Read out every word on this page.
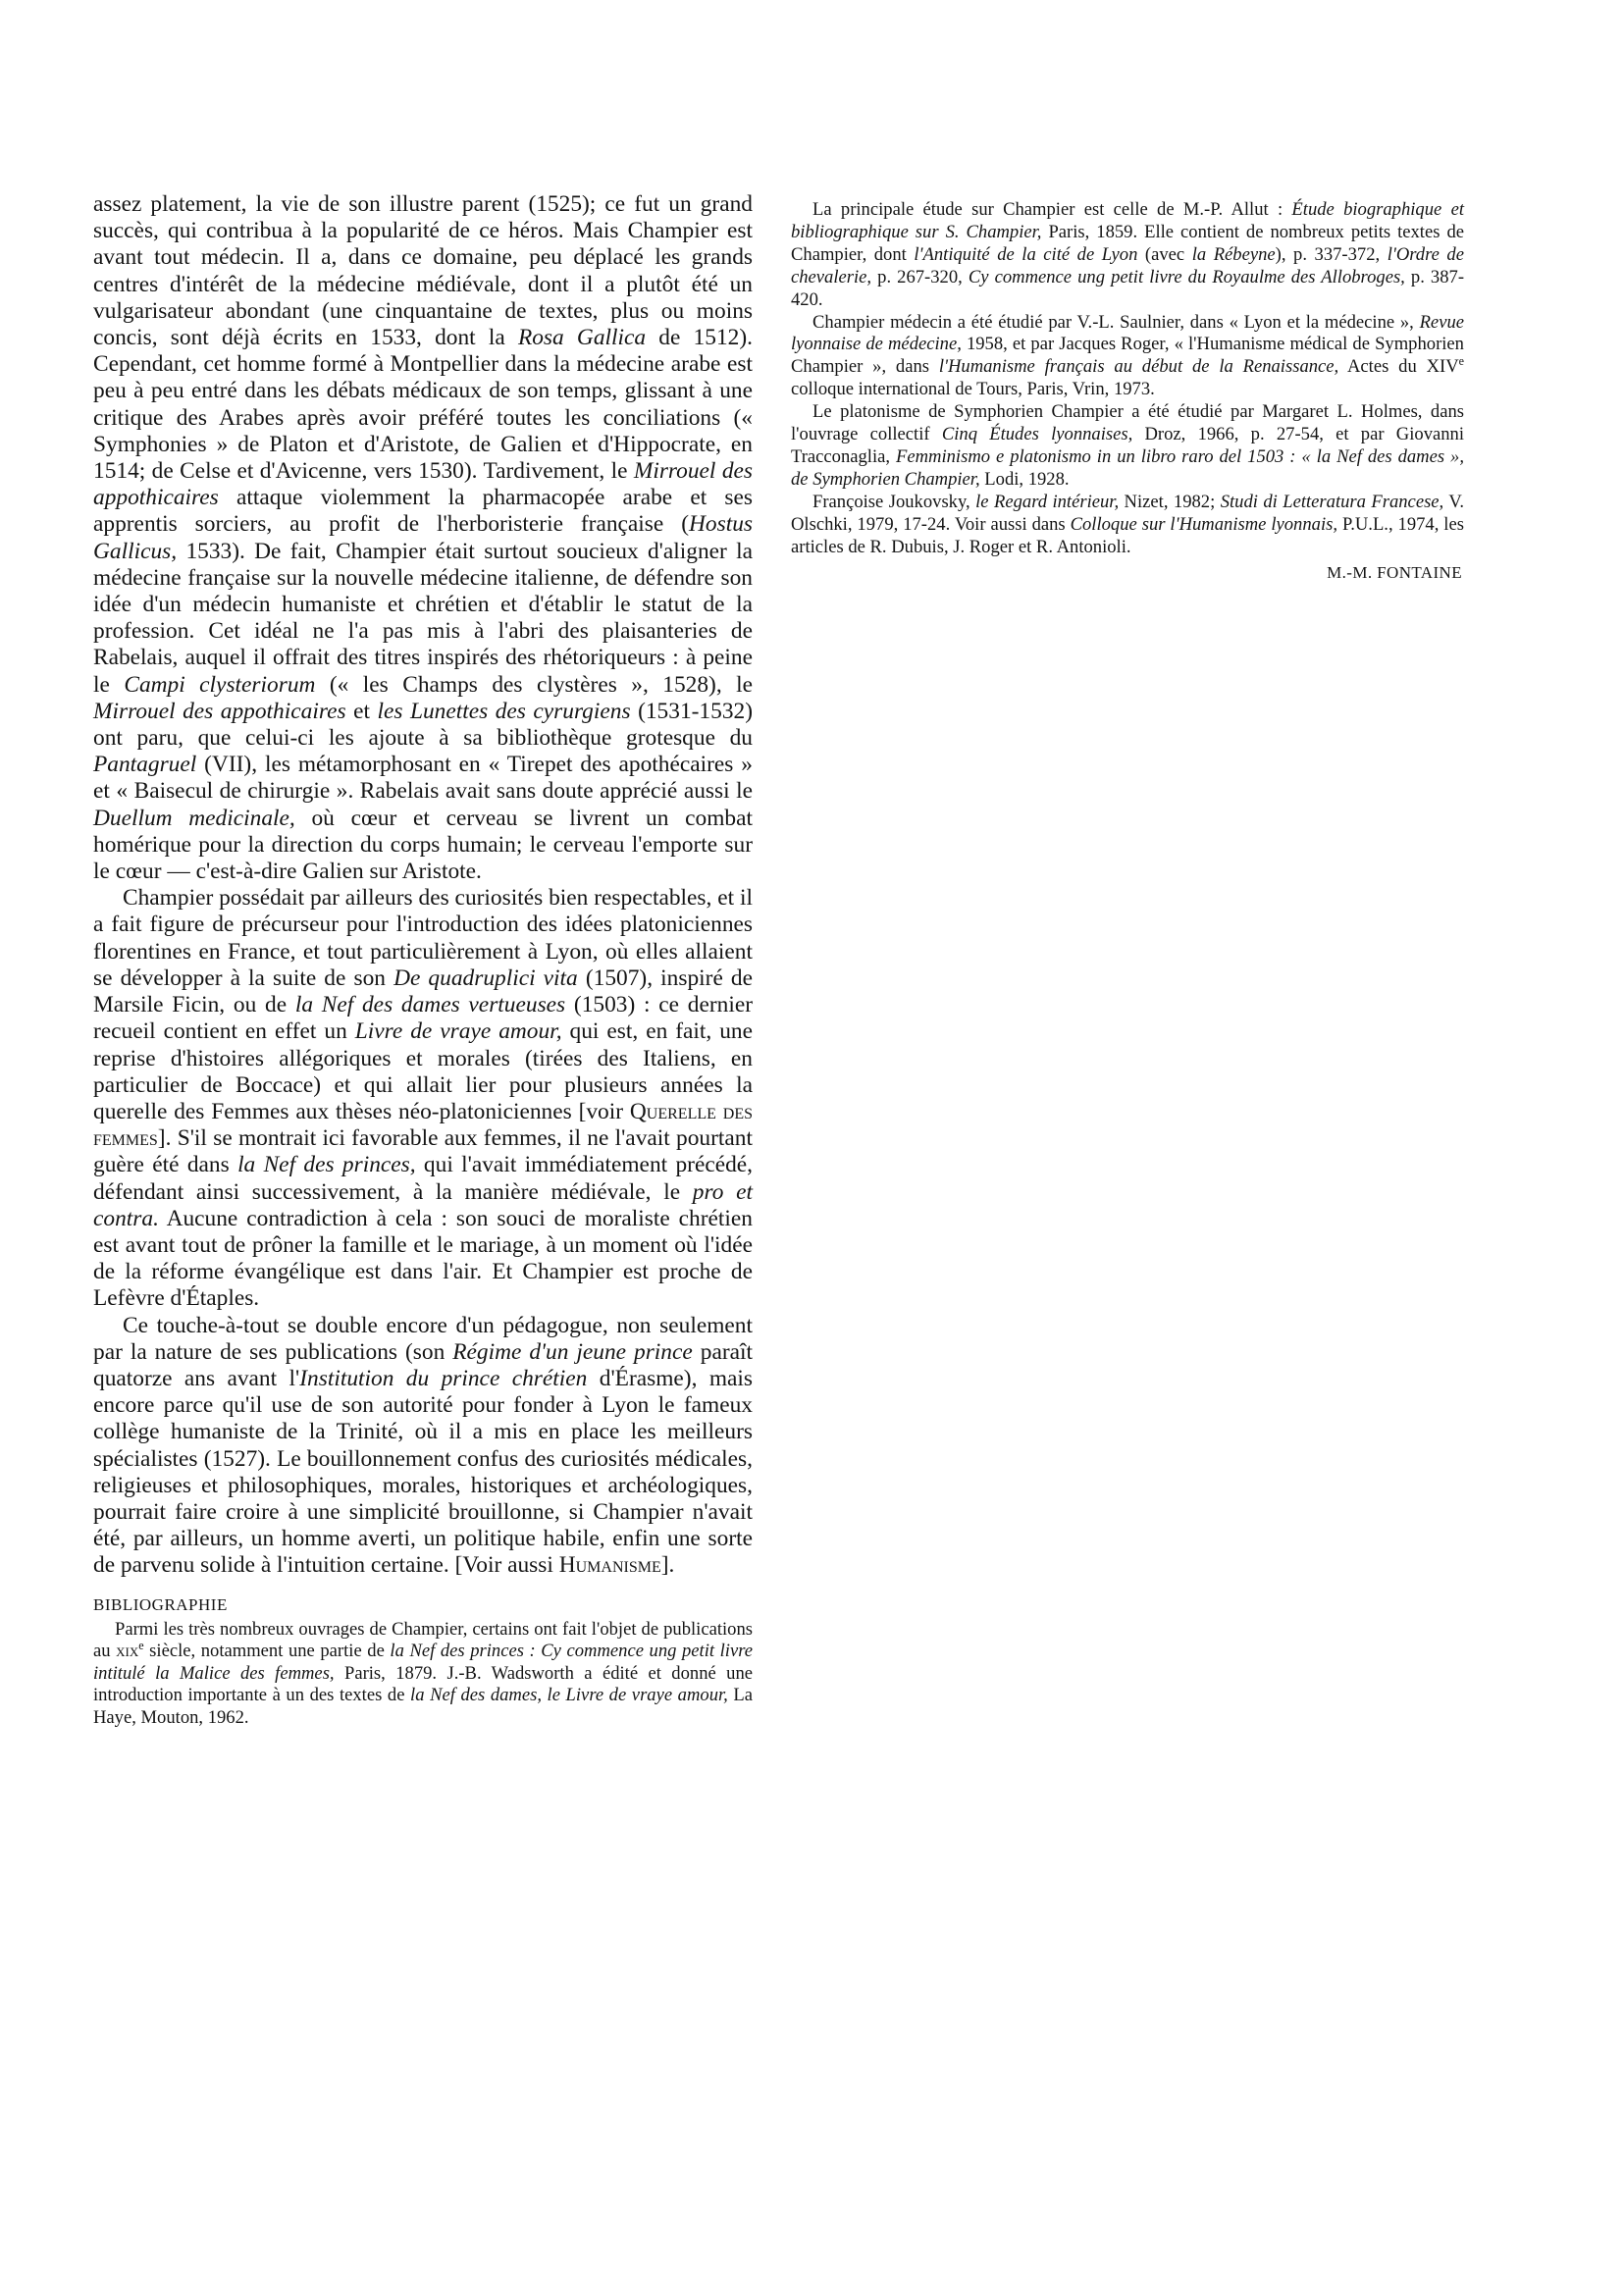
assez platement, la vie de son illustre parent (1525); ce fut un grand succès, qui contribua à la popularité de ce héros. Mais Champier est avant tout médecin. Il a, dans ce domaine, peu déplacé les grands centres d'intérêt de la médecine médiévale, dont il a plutôt été un vulgarisateur abondant (une cinquantaine de textes, plus ou moins concis, sont déjà écrits en 1533, dont la Rosa Gallica de 1512). Cependant, cet homme formé à Montpellier dans la médecine arabe est peu à peu entré dans les débats médicaux de son temps, glissant à une critique des Arabes après avoir préféré toutes les conciliations (« Symphonies » de Platon et d'Aristote, de Galien et d'Hippocrate, en 1514; de Celse et d'Avicenne, vers 1530). Tardivement, le Mirrouel des appothicaires attaque violemment la pharmacopée arabe et ses apprentis sorciers, au profit de l'herboristerie française (Hostus Gallicus, 1533). De fait, Champier était surtout soucieux d'aligner la médecine française sur la nouvelle médecine italienne, de défendre son idée d'un médecin humaniste et chrétien et d'établir le statut de la profession. Cet idéal ne l'a pas mis à l'abri des plaisanteries de Rabelais, auquel il offrait des titres inspirés des rhétoriqueurs : à peine le Campi clysteriorum (« les Champs des clystères », 1528), le Mirrouel des appothicaires et les Lunettes des cyrurgiens (1531-1532) ont paru, que celui-ci les ajoute à sa bibliothèque grotesque du Pantagruel (VII), les métamorphosant en « Tirepet des apothécaires » et « Baisecul de chirurgie ». Rabelais avait sans doute apprécié aussi le Duellum medicinale, où cœur et cerveau se livrent un combat homérique pour la direction du corps humain; le cerveau l'emporte sur le cœur — c'est-à-dire Galien sur Aristote.

Champier possédait par ailleurs des curiosités bien respectables, et il a fait figure de précurseur pour l'introduction des idées platoniciennes florentines en France, et tout particulièrement à Lyon, où elles allaient se développer à la suite de son De quadruplici vita (1507), inspiré de Marsile Ficin, ou de la Nef des dames vertueuses (1503) : ce dernier recueil contient en effet un Livre de vraye amour, qui est, en fait, une reprise d'histoires allégoriques et morales (tirées des Italiens, en particulier de Boccace) et qui allait lier pour plusieurs années la querelle des Femmes aux thèses néo-platoniciennes [voir Querelle des femmes]. S'il se montrait ici favorable aux femmes, il ne l'avait pourtant guère été dans la Nef des princes, qui l'avait immédiatement précédé, défendant ainsi successivement, à la manière médiévale, le pro et contra. Aucune contradiction à cela : son souci de moraliste chrétien est avant tout de prôner la famille et le mariage, à un moment où l'idée de la réforme évangélique est dans l'air. Et Champier est proche de Lefèvre d'Étaples.

Ce touche-à-tout se double encore d'un pédagogue, non seulement par la nature de ses publications (son Régime d'un jeune prince paraît quatorze ans avant l'Institution du prince chrétien d'Érasme), mais encore parce qu'il use de son autorité pour fonder à Lyon le fameux collège humaniste de la Trinité, où il a mis en place les meilleurs spécialistes (1527). Le bouillonnement confus des curiosités médicales, religieuses et philosophiques, morales, historiques et archéologiques, pourrait faire croire à une simplicité brouillonne, si Champier n'avait été, par ailleurs, un homme averti, un politique habile, enfin une sorte de parvenu solide à l'intuition certaine. [Voir aussi Humanisme].

BIBLIOGRAPHIE

Parmi les très nombreux ouvrages de Champier, certains ont fait l'objet de publications au xix$^e$ siècle, notamment une partie de la Nef des princes : Cy commence ung petit livre intitulé la Malice des femmes, Paris, 1879. J.-B. Wadsworth a édité et donné une introduction importante à un des textes de la Nef des dames, le Livre de vraye amour, La Haye, Mouton, 1962.

La principale étude sur Champier est celle de M.-P. Allut : Étude biographique et bibliographique sur S. Champier, Paris, 1859. Elle contient de nombreux petits textes de Champier, dont l'Antiquité de la cité de Lyon (avec la Rébeyne), p. 337-372, l'Ordre de chevalerie, p. 267-320, Cy commence ung petit livre du Royaulme des Allobroges, p. 387-420.

Champier médecin a été étudié par V.-L. Saulnier, dans « Lyon et la médecine », Revue lyonnaise de médecine, 1958, et par Jacques Roger, « l'Humanisme médical de Symphorien Champier », dans l'Humanisme français au début de la Renaissance, Actes du XIVe colloque international de Tours, Paris, Vrin, 1973.

Le platonisme de Symphorien Champier a été étudié par Margaret L. Holmes, dans l'ouvrage collectif Cinq Études lyonnaises, Droz, 1966, p. 27-54, et par Giovanni Tracconaglia, Femminismo e platonismo in un libro raro del 1503 : « la Nef des dames », de Symphorien Champier, Lodi, 1928.

Françoise Joukovsky, le Regard intérieur, Nizet, 1982; Studi di Letteratura Francese, V. Olschki, 1979, 17-24. Voir aussi dans Colloque sur l'Humanisme lyonnais, P.U.L., 1974, les articles de R. Dubuis, J. Roger et R. Antonioli.

M.-M. FONTAINE
